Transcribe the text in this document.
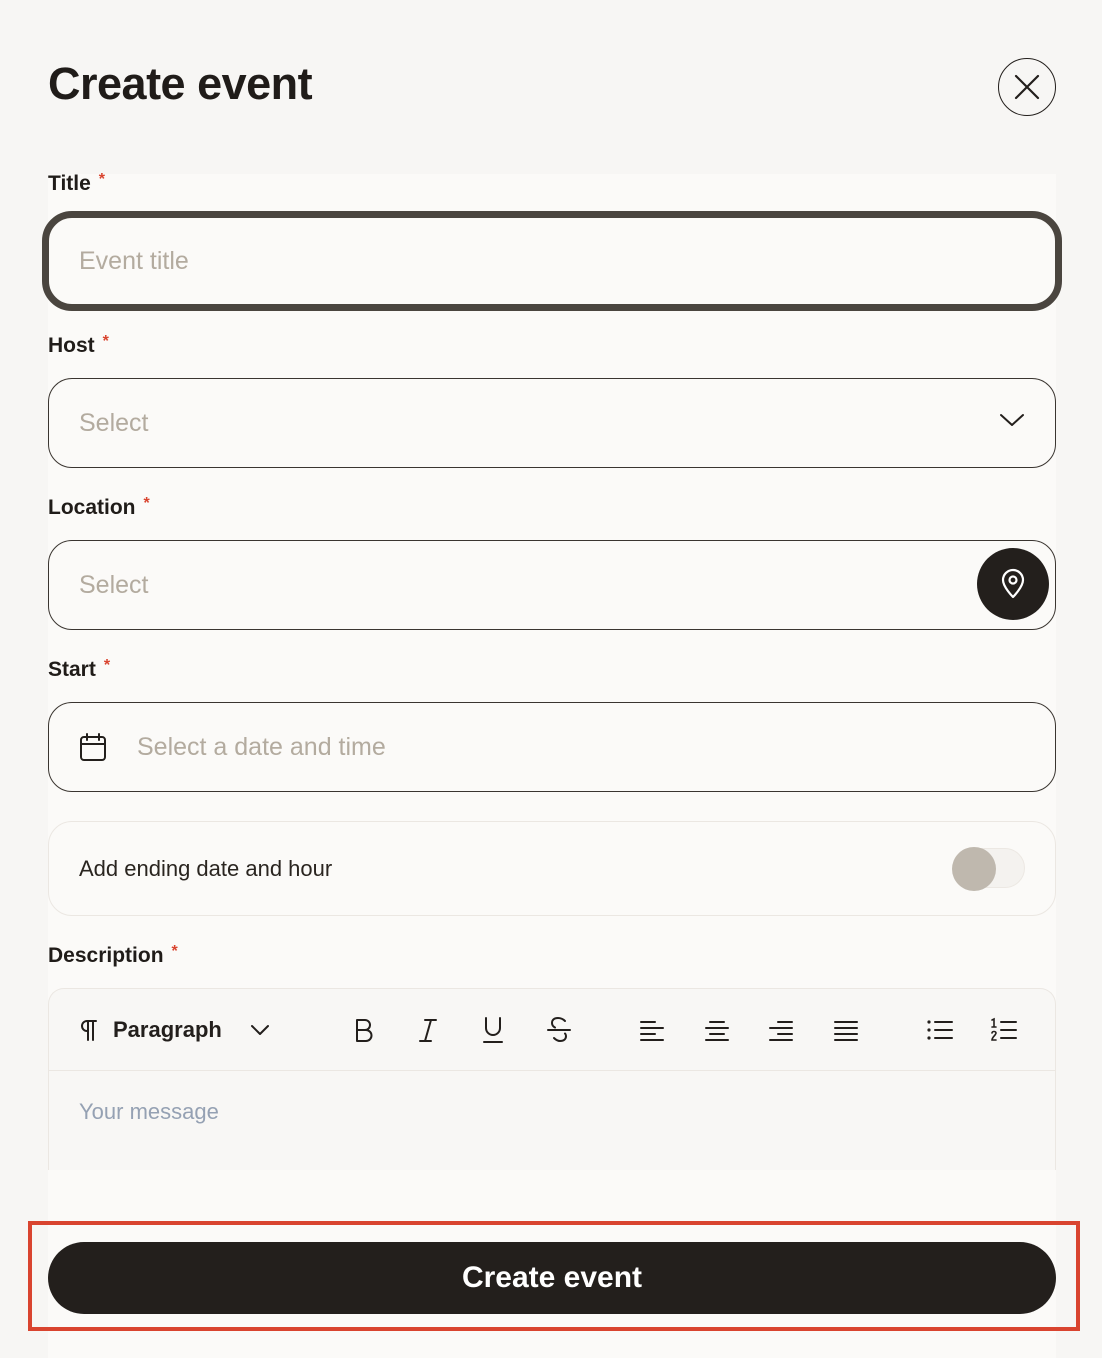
Create event
Title *
Event title
Host *
Select
Location *
Select
Start *
Select a date and time
Add ending date and hour
Description *
Paragraph
Your message
Create event
